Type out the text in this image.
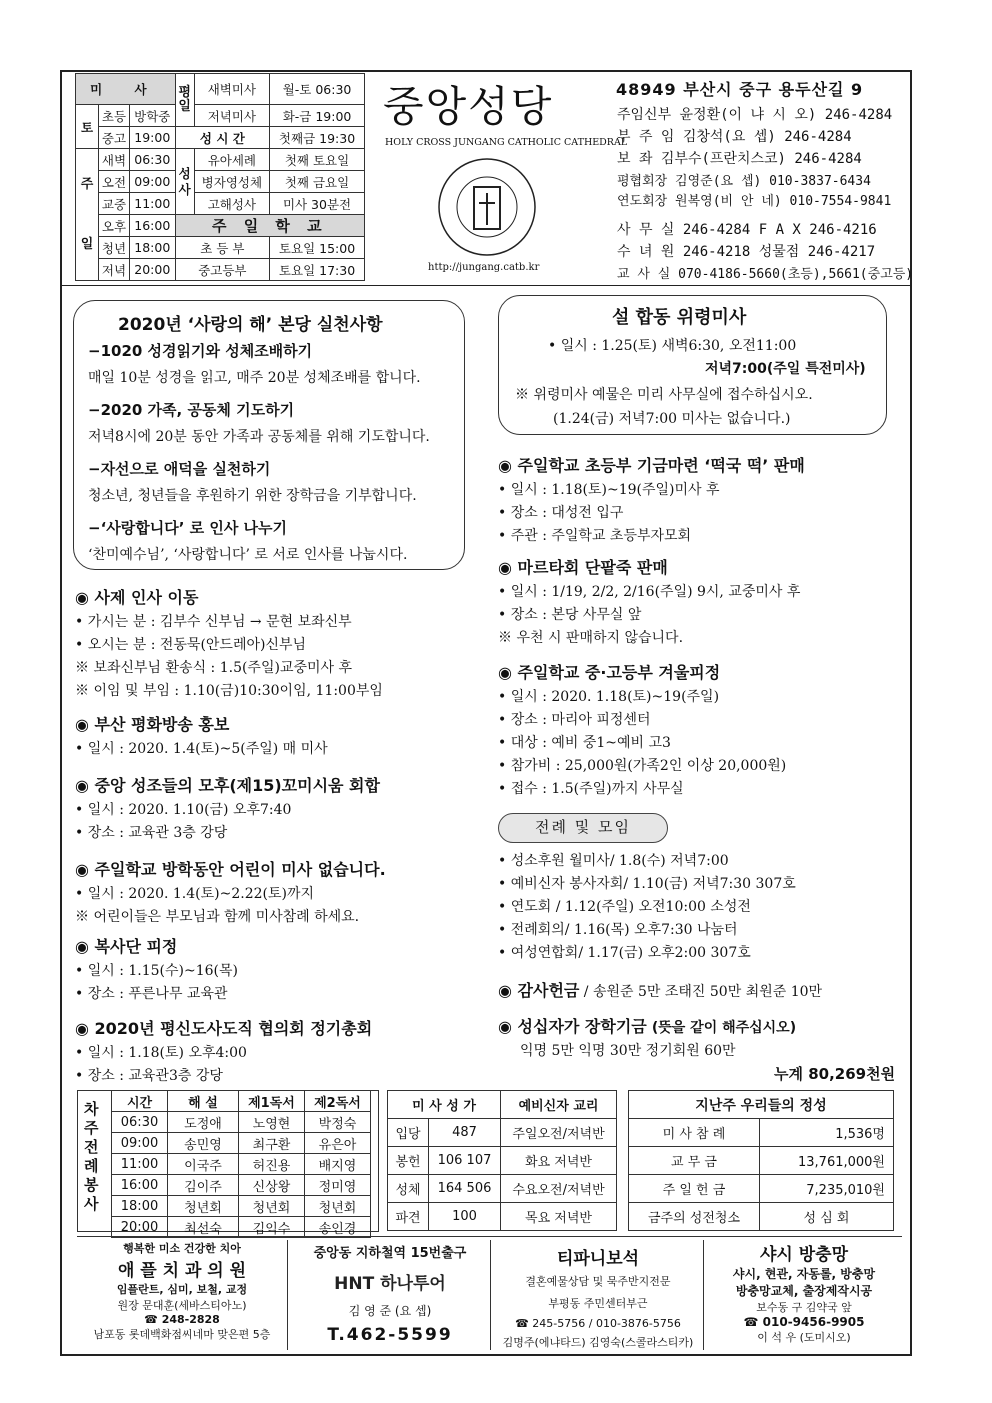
미 사			평일	새벽미사	월-토 06:30
토	초등	방학중		저녁미사	화-금 19:00
	중고	19:00	성 시 간		첫째금 19:30
주일	새벽	06:30	성사	유아세례	첫째 토요일
	오전	09:00		병자영성체	첫째 금요일
	교중	11:00		고해성사	미사 30분전
	오후	16:00	주 일 학 교		
	청년	18:00	초 등 부		토요일 15:00
	저녁	20:00	중고등부		토요일 17:30
중앙성당
HOLY CROSS JUNGANG CATHOLIC CATHEDRAL
http://jungang.catb.kr
48949 부산시 중구 용두산길 9
주임신부 윤정환(이 냐 시 오) 246-4284
부 주 임 김창석(요 셉) 246-4284
보 좌 김부수(프란치스코) 246-4284
평협회장 김영준(요 셉) 010-3837-6434
연도회장 원복영(비 안 네) 010-7554-9841
사 무 실 246-4284 F A X 246-4216
수 녀 원 246-4218 성물점 246-4217
교 사 실 070-4186-5660(초등),5661(중고등)
2020년 ‘사랑의 해’ 본당 실천사항
−1020 성경읽기와 성체조배하기
매일 10분 성경을 읽고, 매주 20분 성체조배를 합니다.
−2020 가족, 공동체 기도하기
저녁8시에 20분 동안 가족과 공동체를 위해 기도합니다.
−자선으로 애덕을 실천하기
청소년, 청년들을 후원하기 위한 장학금을 기부합니다.
−‘사랑합니다’ 로 인사 나누기
‘찬미예수님’, ‘사랑합니다’ 로 서로 인사를 나눕시다.
설 합동 위령미사
• 일시 : 1.25(토) 새벽6:30, 오전11:00
저녁7:00(주일 특전미사)
※ 위령미사 예물은 미리 사무실에 접수하십시오.
(1.24(금) 저녁7:00 미사는 없습니다.)
◉ 사제 인사 이동
• 가시는 분 : 김부수 신부님 → 문현 보좌신부
• 오시는 분 : 전동묵(안드레아)신부님
※ 보좌신부님 환송식 : 1.5(주일)교중미사 후
※ 이임 및 부임 : 1.10(금)10:30이임, 11:00부임
◉ 부산 평화방송 홍보
• 일시 : 2020. 1.4(토)~5(주일) 매 미사
◉ 중앙 성조들의 모후(제15)꼬미시움 회합
• 일시 : 2020. 1.10(금) 오후7:40
• 장소 : 교육관 3층 강당
◉ 주일학교 방학동안 어린이 미사 없습니다.
• 일시 : 2020. 1.4(토)~2.22(토)까지
※ 어린이들은 부모님과 함께 미사참례 하세요.
◉ 복사단 피정
• 일시 : 1.15(수)~16(목)
• 장소 : 푸른나무 교육관
◉ 2020년 평신도사도직 협의회 정기총회
• 일시 : 1.18(토) 오후4:00
• 장소 : 교육관3층 강당
◉ 주일학교 초등부 기금마련 ‘떡국 떡’ 판매
• 일시 : 1.18(토)~19(주일)미사 후
• 장소 : 대성전 입구
• 주관 : 주일학교 초등부자모회
◉ 마르타회 단팥죽 판매
• 일시 : 1/19, 2/2, 2/16(주일) 9시, 교중미사 후
• 장소 : 본당 사무실 앞
※ 우천 시 판매하지 않습니다.
◉ 주일학교 중·고등부 겨울피정
• 일시 : 2020. 1.18(토)~19(주일)
• 장소 : 마리아 피정센터
• 대상 : 예비 중1~예비 고3
• 참가비 : 25,000원(가족2인 이상 20,000원)
• 접수 : 1.5(주일)까지 사무실
전례 및 모임
• 성소후원 월미사/ 1.8(수) 저녁7:00
• 예비신자 봉사자회/ 1.10(금) 저녁7:30 307호
• 연도회 / 1.12(주일) 오전10:00 소성전
• 전례회의/ 1.16(목) 오후7:30 나눔터
• 여성연합회/ 1.17(금) 오후2:00 307호
◉ 감사헌금 / 송원준 5만 조태진 50만 최원준 10만
◉ 성십자가 장학기금 (뜻을 같이 해주십시오)
익명 5만 익명 30만 정기회원 60만
누계 80,269천원
차주전례봉사
시간	해 설	제1독서	제2독서
06:30	도정애	노영현	박정숙
09:00	송민영	최구환	유은아
11:00	이국주	허진용	배지영
16:00	김이주	신상왕	정미영
18:00	청년회	청년회	청년회
20:00	최선숙	김익수	송인경
미 사 성 가		예비신자 교리
입당	487	주일오전/저녁반
봉헌	106 107	화요 저녁반
성체	164 506	수요오전/저녁반
파견	100	목요 저녁반
지난주 우리들의 정성	
미 사 참 례	1,536명
교 무 금	13,761,000원
주 일 헌 금	7,235,010원
금주의 성전청소	성 심 회
행복한 미소 건강한 치아
애 플 치 과 의 원
임플란트, 심미, 보철, 교정
원장 문대훈(세바스티아노)
☎ 248-2828
남포동 롯데백화점씨네마 맞은편 5층
중앙동 지하철역 15번출구
HNT 하나투어
김 영 준 (요 셉)
T.462-5599
티파니보석
결혼예물상담 및 묵주반지전문
부평동 주민센터부근
☎ 245-5756 / 010-3876-5756
김명주(에냐타드) 김영숙(스콜라스티카)
샤시 방충망
샤시, 현관, 자동롤, 방충망
방충망교체, 출장제작시공
보수동 구 김약국 앞
☎ 010-9456-9905
이 석 우 (도미시오)
